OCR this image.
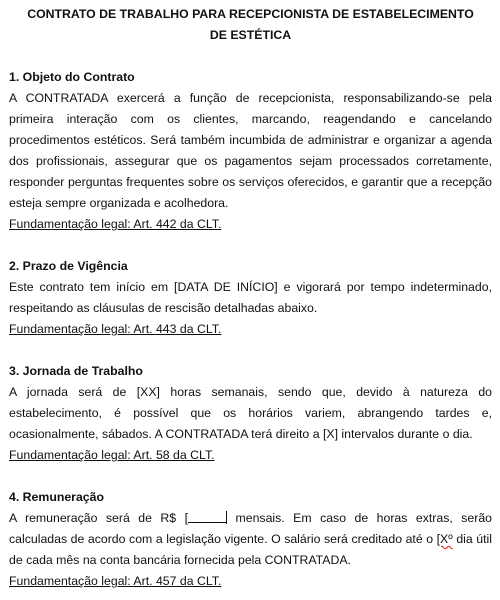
CONTRATO DE TRABALHO PARA RECEPCIONISTA DE ESTABELECIMENTO DE ESTÉTICA

1. Objeto do Contrato

A CONTRATADA exercerá a função de recepcionista, responsabilizando-se pela primeira interação com os clientes, marcando, reagendando e cancelando procedimentos estéticos. Será também incumbida de administrar e organizar a agenda dos profissionais, assegurar que os pagamentos sejam processados corretamente, responder perguntas frequentes sobre os serviços oferecidos, e garantir que a recepção esteja sempre organizada e acolhedora.

Fundamentação legal: Art. 442 da CLT.

2. Prazo de Vigência

Este contrato tem início em [DATA DE INÍCIO] e vigorará por tempo indeterminado, respeitando as cláusulas de rescisão detalhadas abaixo.

Fundamentação legal: Art. 443 da CLT.

3. Jornada de Trabalho

A jornada será de [XX] horas semanais, sendo que, devido à natureza do estabelecimento, é possível que os horários variem, abrangendo tardes e, ocasionalmente, sábados. A CONTRATADA terá direito a [X] intervalos durante o dia.

Fundamentação legal: Art. 58 da CLT.

4. Remuneração

A remuneração será de R$ [	mensais. Em caso de horas extras, serão calculadas de acordo com a legislação vigente. O salário será creditado até o [Xº dia útil de cada mês na conta bancária fornecida pela CONTRATADA.

Fundamentação legal: Art. 457 da CLT.
